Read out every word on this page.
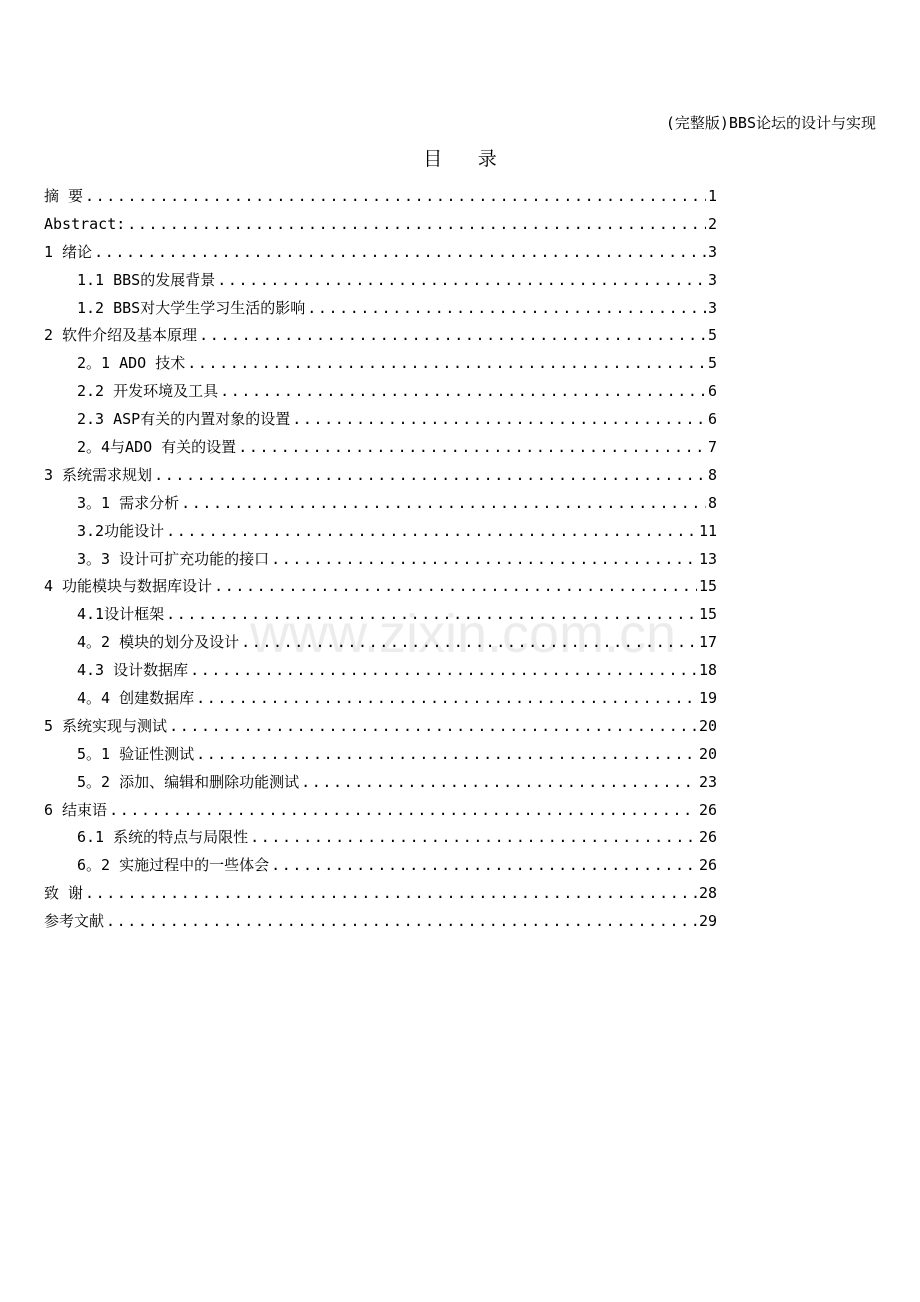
(完整版)BBS论坛的设计与实现
目 录
摘 要 .....	1
Abstract: .....	2
1 绪论 .....	3
1.1 BBS的发展背景 .....	3
1.2 BBS对大学生学习生活的影响 .....	3
2 软件介绍及基本原理 .....	5
2。1 ADO 技术 .....	5
2.2 开发环境及工具 .....	6
2.3 ASP有关的内置对象的设置 .....	6
2。4与ADO 有关的设置 .....	7
3 系统需求规划 .....	8
3。1 需求分析 .....	8
3.2功能设计 .....	11
3。3 设计可扩充功能的接口 .....	13
4 功能模块与数据库设计 .....	15
4.1设计框架 .....	15
4。2 模块的划分及设计 .....	17
4.3 设计数据库 .....	18
4。4 创建数据库 .....	19
5 系统实现与测试 .....	20
5。1 验证性测试 .....	20
5。2 添加、编辑和删除功能测试 .....	23
6 结束语 .....	26
6.1 系统的特点与局限性 .....	26
6。2 实施过程中的一些体会 .....	26
致 谢 .....	28
参考文献 .....	29
www.zixin.com.cn
